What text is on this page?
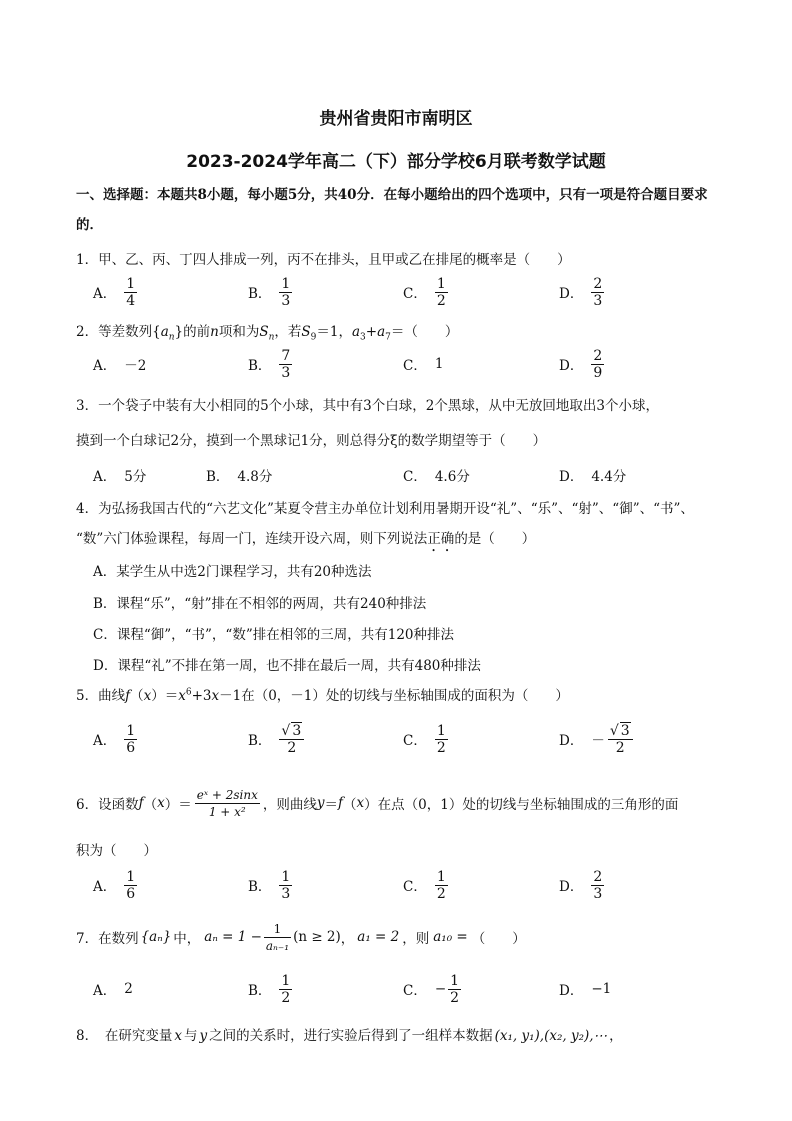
贵州省贵阳市南明区
2023-2024学年高二（下）部分学校6月联考数学试题
一、选择题：本题共8小题，每小题5分，共40分．在每小题给出的四个选项中，只有一项是符合题目要求的．
1．甲、乙、丙、丁四人排成一列，丙不在排头，且甲或乙在排尾的概率是（　　）
A． $\frac{1}{4}$	B． $\frac{1}{3}$	C． $\frac{1}{2}$	D． $\frac{2}{3}$
2．等差数列$\{a_n\}$的前n项和为$S_n$，若$S_9=1$，$a_3+a_7=$（　　）
A． －2	B． $\frac{7}{3}$	C． 1	D． $\frac{2}{9}$
3．一个袋子中装有大小相同的5个小球，其中有3个白球，2个黑球，从中无放回地取出3个小球，
摸到一个白球记2分，摸到一个黑球记1分，则总得分ξ的数学期望等于（　　）
A． 5分	B． 4.8分	C． 4.6分	D． 4.4分
4．为弘扬我国古代的“六艺文化”某夏令营主办单位计划利用暑期开设“礼”、“乐”、“射”、“御”、“书”、
“数”六门体验课程，每周一门，连续开设六周，则下列说法正确的是（　　）
A．某学生从中选2门课程学习，共有20种选法
B．课程“乐”，“射”排在不相邻的两周，共有240种排法
C．课程“御”，“书”，“数”排在相邻的三周，共有120种排法
D．课程“礼”不排在第一周，也不排在最后一周，共有480种排法
5．曲线$f(x)=x^6+3x-1$在（0，－1）处的切线与坐标轴围成的面积为（　　）
A． $\frac{1}{6}$	B． $\frac{√ 3}{2}$	C． $\frac{1}{2}$	D． － $\frac{√ 3}{2}$
6．设函数 f （ x ）＝ $\frac{\text{eˣ + 2sinx}}{\text{1 + x²}}$ ，则曲线 y ＝ f （ x ）在点（0，1）处的切线与坐标轴围成的三角形的面
积为（　　）
A． $\frac{1}{6}$	B． $\frac{1}{3}$	C． $\frac{1}{2}$	D． $\frac{2}{3}$
7．在数列 {aₙ} 中， $a_n = 1 - \frac{1}{\text{aₙ₋₁}} (n \ge 2)$ ， a₁ = 2 ，则 a₁₀ = （　　）
A． 2	B． $\frac{1}{2}$	C． − $\frac{1}{2}$	D． −1
8．　在研究变量 x 与 y 之间的关系时，进行实验后得到了一组样本数据 (x₁, y₁),(x₂, y₂),⋯ ，
